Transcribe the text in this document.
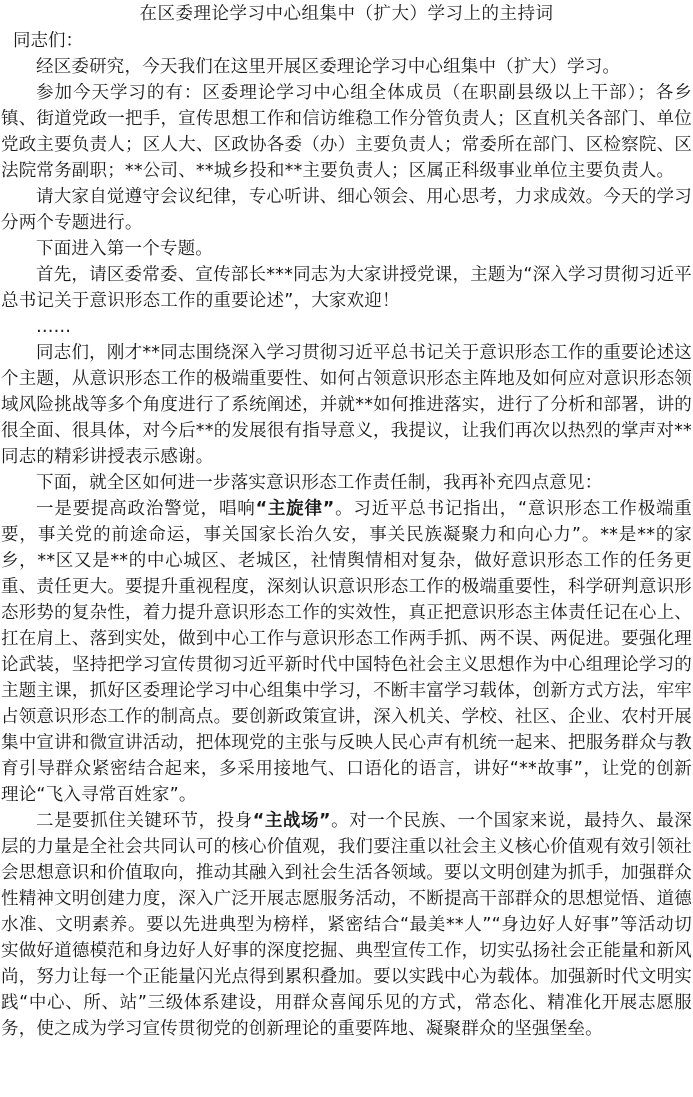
在区委理论学习中心组集中（扩大）学习上的主持词

同志们：

经区委研究，今天我们在这里开展区委理论学习中心组集中（扩大）学习。

参加今天学习的有：区委理论学习中心组全体成员（在职副县级以上干部）；各乡镇、街道党政一把手，宣传思想工作和信访维稳工作分管负责人；区直机关各部门、单位党政主要负责人；区人大、区政协各委（办）主要负责人；常委所在部门、区检察院、区法院常务副职；**公司、**城乡投和**主要负责人；区属正科级事业单位主要负责人。

请大家自觉遵守会议纪律，专心听讲、细心领会、用心思考，力求成效。今天的学习分两个专题进行。

下面进入第一个专题。

首先，请区委常委、宣传部长***同志为大家讲授党课，主题为“深入学习贯彻习近平总书记关于意识形态工作的重要论述”，大家欢迎！

……

同志们，刚才**同志围绕深入学习贯彻习近平总书记关于意识形态工作的重要论述这个主题，从意识形态工作的极端重要性、如何占领意识形态主阵地及如何应对意识形态领域风险挑战等多个角度进行了系统阐述，并就**如何推进落实，进行了分析和部署，讲的很全面、很具体，对今后**的发展很有指导意义，我提议，让我们再次以热烈的掌声对**同志的精彩讲授表示感谢。

下面，就全区如何进一步落实意识形态工作责任制，我再补充四点意见：

一是要提高政治警觉，唱响“主旋律”。习近平总书记指出，“意识形态工作极端重要，事关党的前途命运，事关国家长治久安，事关民族凝聚力和向心力”。**是**的家乡，**区又是**的中心城区、老城区，社情舆情相对复杂，做好意识形态工作的任务更重、责任更大。要提升重视程度，深刻认识意识形态工作的极端重要性，科学研判意识形态形势的复杂性，着力提升意识形态工作的实效性，真正把意识形态主体责任记在心上、扛在肩上、落到实处，做到中心工作与意识形态工作两手抓、两不误、两促进。要强化理论武装，坚持把学习宣传贯彻习近平新时代中国特色社会主义思想作为中心组理论学习的主题主课，抓好区委理论学习中心组集中学习，不断丰富学习载体，创新方式方法，牢牢占领意识形态工作的制高点。要创新政策宣讲，深入机关、学校、社区、企业、农村开展集中宣讲和微宣讲活动，把体现党的主张与反映人民心声有机统一起来、把服务群众与教育引导群众紧密结合起来，多采用接地气、口语化的语言，讲好“**故事”，让党的创新理论“飞入寻常百姓家”。

二是要抓住关键环节，投身“主战场”。对一个民族、一个国家来说，最持久、最深层的力量是全社会共同认可的核心价值观，我们要注重以社会主义核心价值观有效引领社会思想意识和价值取向，推动其融入到社会生活各领域。要以文明创建为抓手，加强群众性精神文明创建力度，深入广泛开展志愿服务活动，不断提高干部群众的思想觉悟、道德水准、文明素养。要以先进典型为榜样，紧密结合“最美**人”“身边好人好事”等活动切实做好道德模范和身边好人好事的深度挖掘、典型宣传工作，切实弘扬社会正能量和新风尚，努力让每一个正能量闪光点得到累积叠加。要以实践中心为载体。加强新时代文明实践“中心、所、站”三级体系建设，用群众喜闻乐见的方式，常态化、精准化开展志愿服务，使之成为学习宣传贯彻党的创新理论的重要阵地、凝聚群众的坚强堡垒。
